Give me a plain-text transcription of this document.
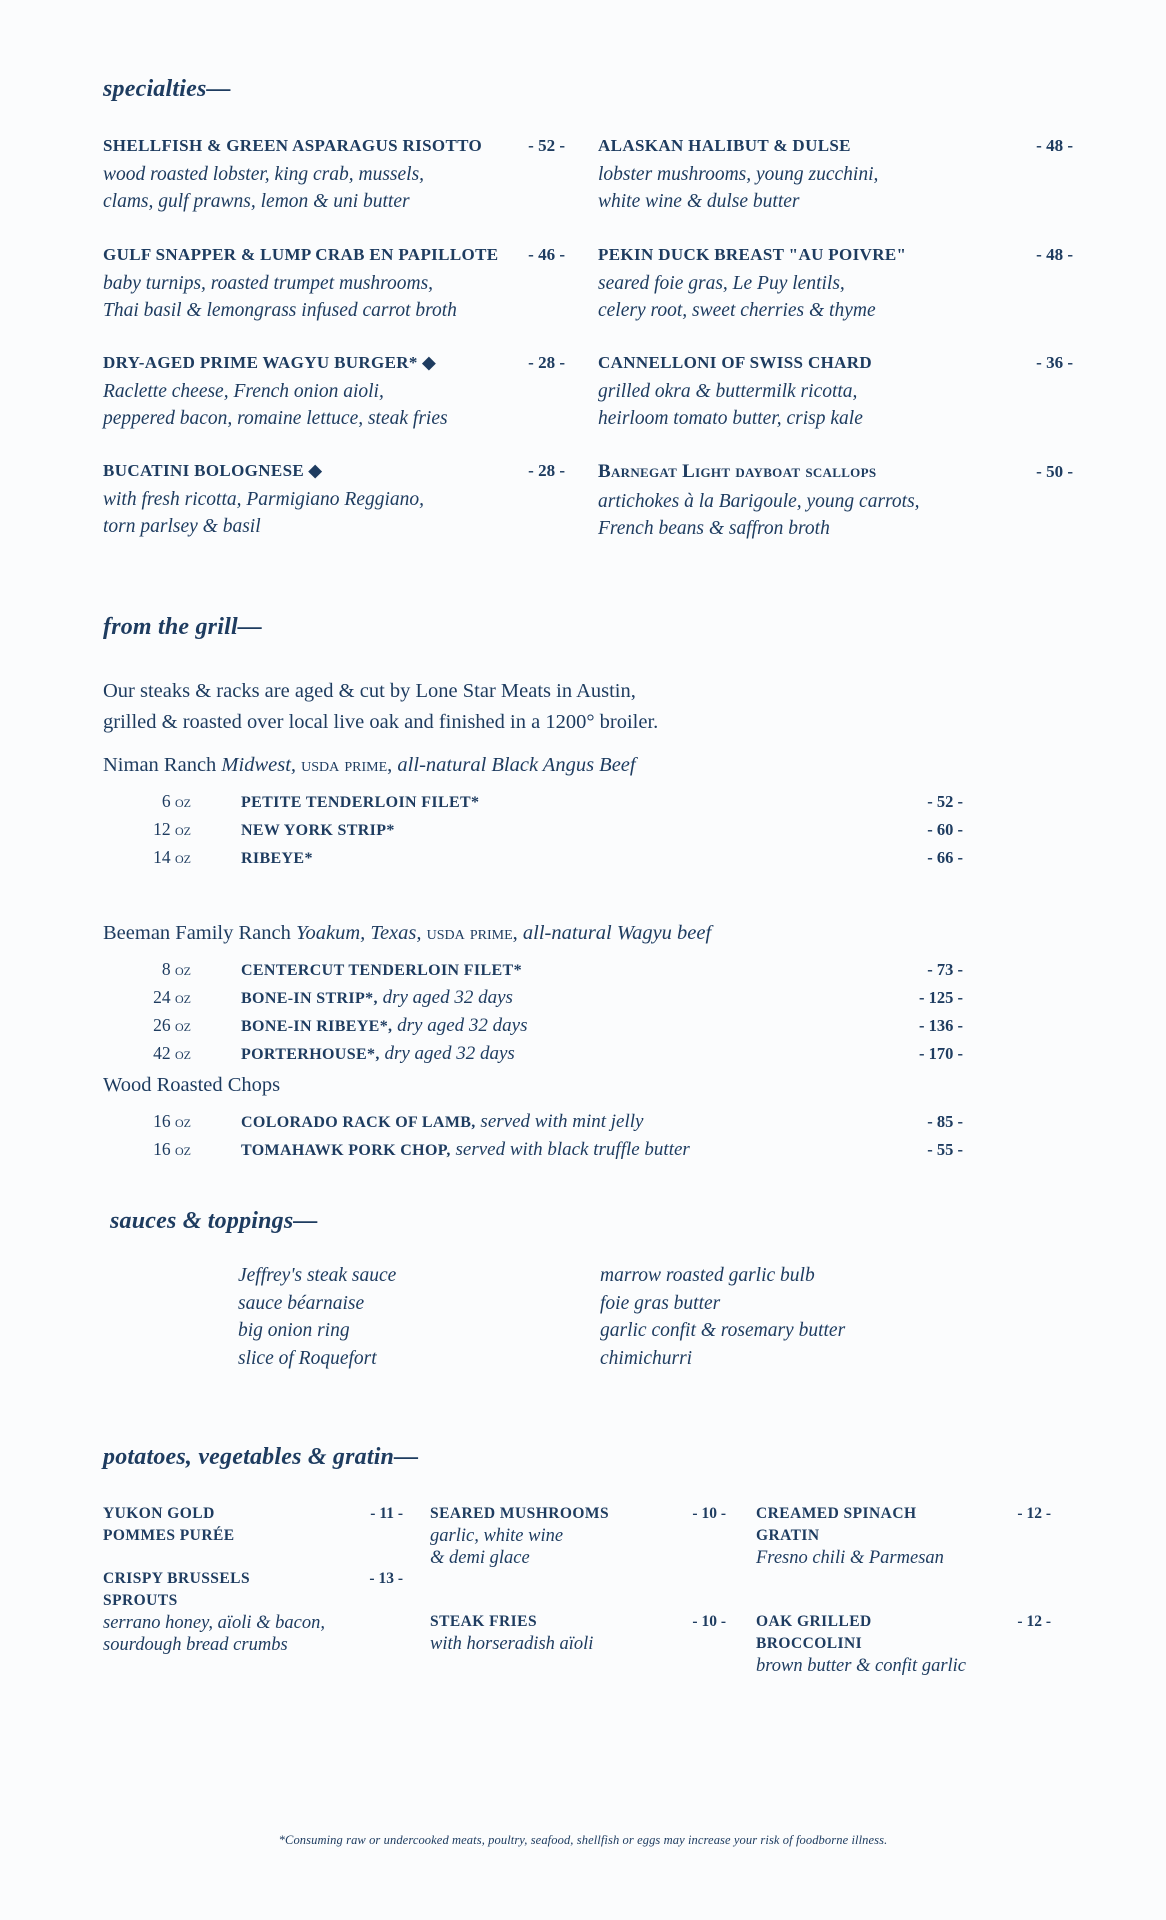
specialties—
SHELLFISH & GREEN ASPARAGUS RISOTTO	- 52 -
wood roasted lobster, king crab, mussels,
clams, gulf prawns, lemon & uni butter
ALASKAN HALIBUT & DULSE	- 48 -
lobster mushrooms, young zucchini,
white wine & dulse butter
GULF SNAPPER & LUMP CRAB EN PAPILLOTE - 46 -
baby turnips, roasted trumpet mushrooms,
Thai basil & lemongrass infused carrot broth
PEKIN DUCK BREAST "AU POIVRE"	- 48 -
seared foie gras, Le Puy lentils,
celery root, sweet cherries & thyme
DRY-AGED PRIME WAGYU BURGER* ◆	- 28 -
Raclette cheese, French onion aioli,
peppered bacon, romaine lettuce, steak fries
CANNELLONI OF SWISS CHARD	- 36 -
grilled okra & buttermilk ricotta,
heirloom tomato butter, crisp kale
BUCATINI BOLOGNESE ◆	- 28 -
with fresh ricotta, Parmigiano Reggiano,
torn parlsey & basil
Barnegat Light dayboat scallops	- 50 -
artichokes à la Barigoule, young carrots,
French beans & saffron broth
from the grill—
Our steaks & racks are aged & cut by Lone Star Meats in Austin,
grilled & roasted over local live oak and finished in a 1200° broiler.
Niman Ranch Midwest, usda prime, all-natural Black Angus Beef
6 oz	PETITE TENDERLOIN FILET*	- 52 -
12 oz	NEW YORK STRIP*	- 60 -
14 oz	RIBEYE*	- 66 -
Beeman Family Ranch Yoakum, Texas, usda prime, all-natural Wagyu beef
8 oz	CENTERCUT TENDERLOIN FILET*	- 73 -
24 oz	BONE-IN STRIP*, dry aged 32 days	- 125 -
26 oz	BONE-IN RIBEYE*, dry aged 32 days	- 136 -
42 oz	PORTERHOUSE*, dry aged 32 days	- 170 -
Wood Roasted Chops
16 oz	COLORADO RACK OF LAMB, served with mint jelly	- 85 -
16 oz	TOMAHAWK PORK CHOP, served with black truffle butter	- 55 -
sauces & toppings—
Jeffrey's steak sauce
sauce béarnaise
big onion ring
slice of Roquefort
marrow roasted garlic bulb
foie gras butter
garlic confit & rosemary butter
chimichurri
potatoes, vegetables & gratin—
YUKON GOLD	- 11 -
POMMES PURÉE
CRISPY BRUSSELS	- 13 -
SPROUTS
serrano honey, aïoli & bacon,
sourdough bread crumbs
SEARED MUSHROOMS	- 10 -
garlic, white wine
& demi glace
STEAK FRIES	- 10 -
with horseradish aïoli
CREAMED SPINACH	- 12 -
GRATIN
Fresno chili & Parmesan
OAK GRILLED	- 12 -
BROCCOLINI
brown butter & confit garlic
*Consuming raw or undercooked meats, poultry, seafood, shellfish or eggs may increase your risk of foodborne illness.
